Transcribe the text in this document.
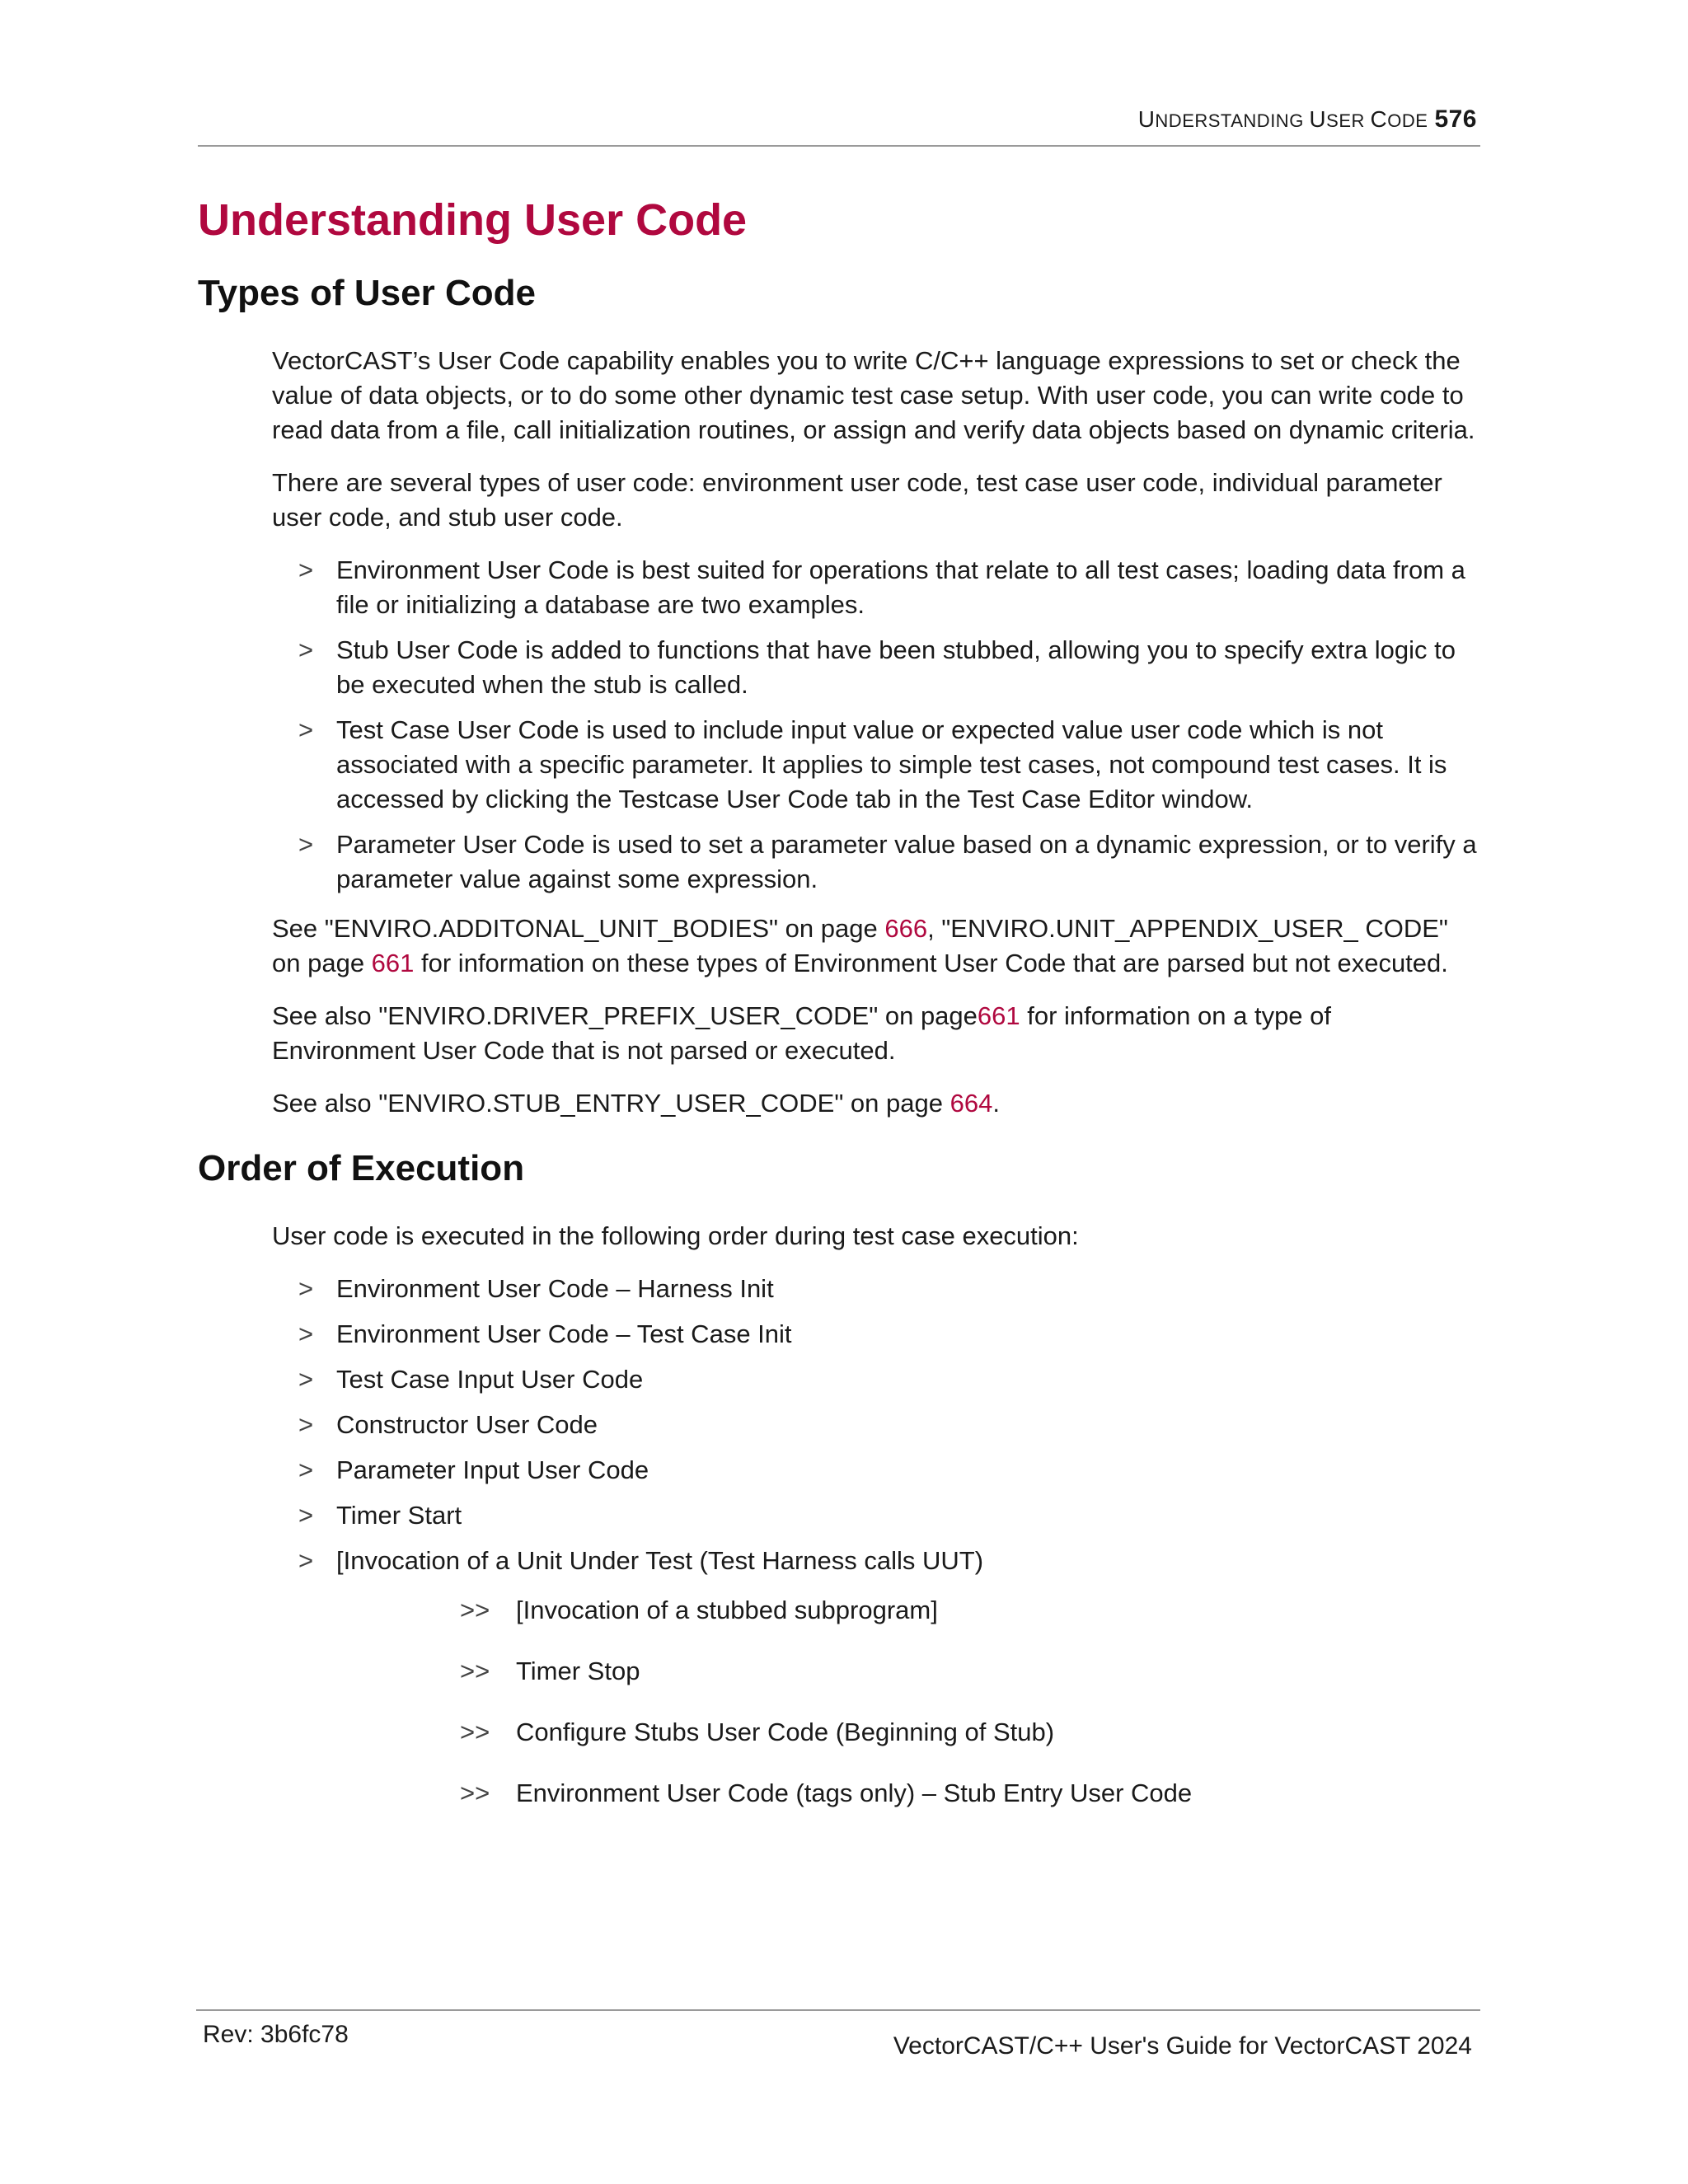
UNDERSTANDING USER CODE 576
Understanding User Code
Types of User Code

VectorCAST’s User Code capability enables you to write C/C++ language expressions to set or check the value of data objects, or to do some other dynamic test case setup. With user code, you can write code to read data from a file, call initialization routines, or assign and verify data objects based on dynamic criteria.

There are several types of user code: environment user code, test case user code, individual parameter user code, and stub user code.

> Environment User Code is best suited for operations that relate to all test cases; loading data from a file or initializing a database are two examples.
> Stub User Code is added to functions that have been stubbed, allowing you to specify extra logic to be executed when the stub is called.
> Test Case User Code is used to include input value or expected value user code which is not associated with a specific parameter. It applies to simple test cases, not compound test cases. It is accessed by clicking the Testcase User Code tab in the Test Case Editor window.
> Parameter User Code is used to set a parameter value based on a dynamic expression, or to verify a parameter value against some expression.

See "ENVIRO.ADDITONAL_UNIT_BODIES" on page 666, "ENVIRO.UNIT_APPENDIX_USER_ CODE" on page 661 for information on these types of Environment User Code that are parsed but not executed.

See also "ENVIRO.DRIVER_PREFIX_USER_CODE" on page661 for information on a type of Environment User Code that is not parsed or executed.

See also "ENVIRO.STUB_ENTRY_USER_CODE" on page 664.

Order of Execution

User code is executed in the following order during test case execution:

> Environment User Code – Harness Init
> Environment User Code – Test Case Init
> Test Case Input User Code
> Constructor User Code
> Parameter Input User Code
> Timer Start
> [Invocation of a Unit Under Test (Test Harness calls UUT)
>> [Invocation of a stubbed subprogram]
>> Timer Stop
>> Configure Stubs User Code (Beginning of Stub)
>> Environment User Code (tags only) – Stub Entry User Code
Rev: 3b6fc78	VectorCAST/C++ User's Guide for VectorCAST 2024
